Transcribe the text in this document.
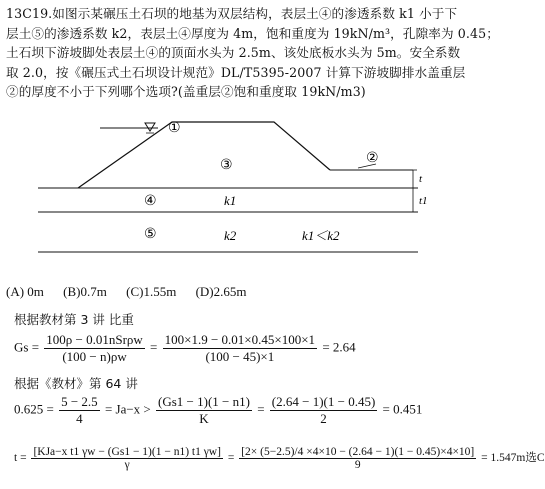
13C19.如图示某碾压土石坝的地基为双层结构，表层土④的渗透系数 k1 小于下
层土⑤的渗透系数 k2，表层土④厚度为 4m，饱和重度为 19kN/m³，孔隙率为 0.45；
土石坝下游坡脚处表层土④的顶面水头为 2.5m、该处底板水头为 5m。安全系数
取 2.0，按《碾压式土石坝设计规范》DL/T5395-2007 计算下游坡脚排水盖重层
②的厚度不小于下列哪个选项?(盖重层②饱和重度取 19kN/m3)
①
③	②
④
⑤
k1
k2	k1＜k2
t
t1
(A) 0m (B)0.7m (C)1.55m (D)2.65m
根据教材第 3 讲 比重
$Gs = \frac{\text{100ρ − 0.01nSrρw}}{(100 - n)\rho w} = \frac{100\times 1.9 - 0.01\times 0.45\times 100\times 1}{(100 - 45)\times 1} = 2.64$
根据《教材》第 64 讲
$0.625 = \frac{5 - 2.5}{4} = Ja-x > \frac{(Gs1 - 1)(1 - n1)}{K} = \frac{(2.64 - 1)(1 - 0.45)}{2} = 0.451$
$t = \frac{\text{[KJa−x t1 γw − (Gs1 − 1)(1 − n1) t1 γw]}}{\gamma} = \frac{[2\times (5-2.5)/4 \times 4\times 10 - (2.64 - 1)(1 - 0.45)\times 4\times 10]}{9} = 1.547m$选C
